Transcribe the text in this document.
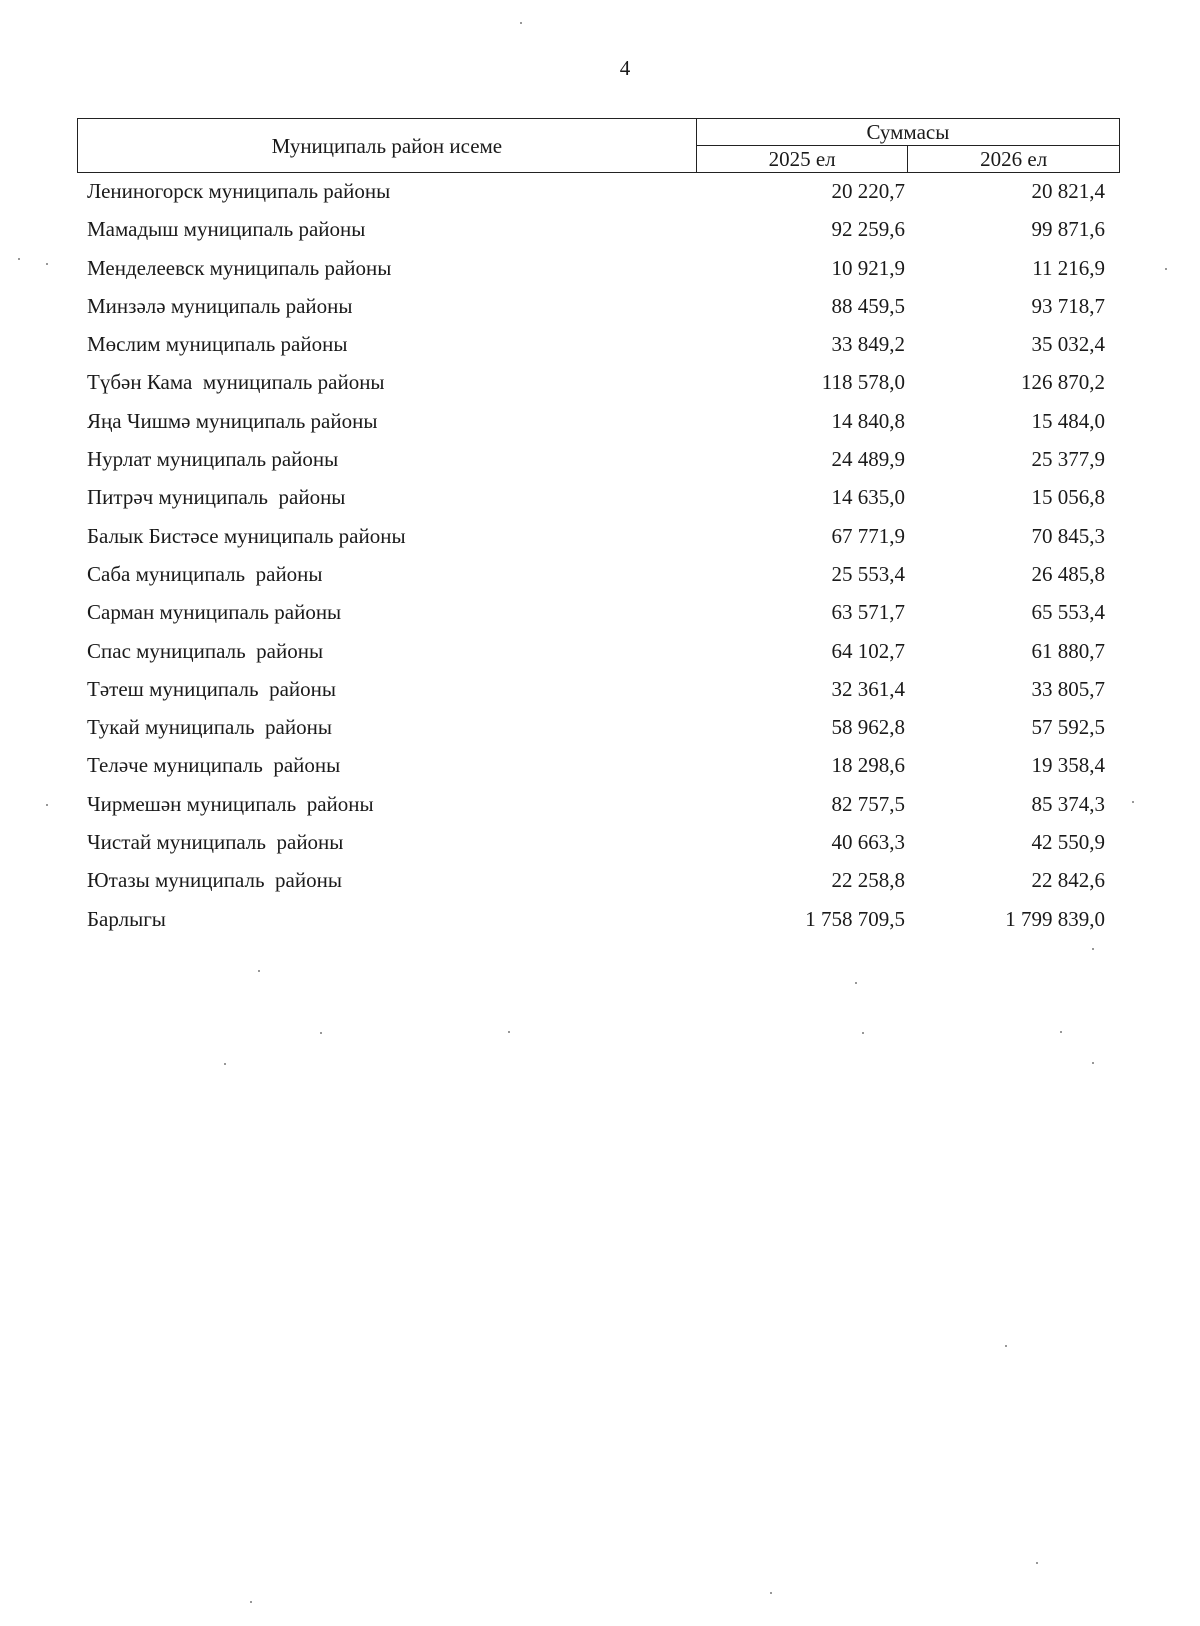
4
Муниципаль район исеме	Суммасы	
	2025 ел	2026 ел
Лениногорск муниципаль районы	20 220,7	20 821,4
Мамадыш муниципаль районы	92 259,6	99 871,6
Менделеевск муниципаль районы	10 921,9	11 216,9
Минзәлә муниципаль районы	88 459,5	93 718,7
Мөслим муниципаль районы	33 849,2	35 032,4
Түбән Кама  муниципаль районы	118 578,0	126 870,2
Яңа Чишмә муниципаль районы	14 840,8	15 484,0
Нурлат муниципаль районы	24 489,9	25 377,9
Питрәч муниципаль  районы	14 635,0	15 056,8
Балык Бистәсе муниципаль районы	67 771,9	70 845,3
Саба муниципаль  районы	25 553,4	26 485,8
Сарман муниципаль районы	63 571,7	65 553,4
Спас муниципаль  районы	64 102,7	61 880,7
Тәтеш муниципаль  районы	32 361,4	33 805,7
Тукай муниципаль  районы	58 962,8	57 592,5
Теләче муниципаль  районы	18 298,6	19 358,4
Чирмешән муниципаль  районы	82 757,5	85 374,3
Чистай муниципаль  районы	40 663,3	42 550,9
Ютазы муниципаль  районы	22 258,8	22 842,6
Барлыгы	1 758 709,5	1 799 839,0
